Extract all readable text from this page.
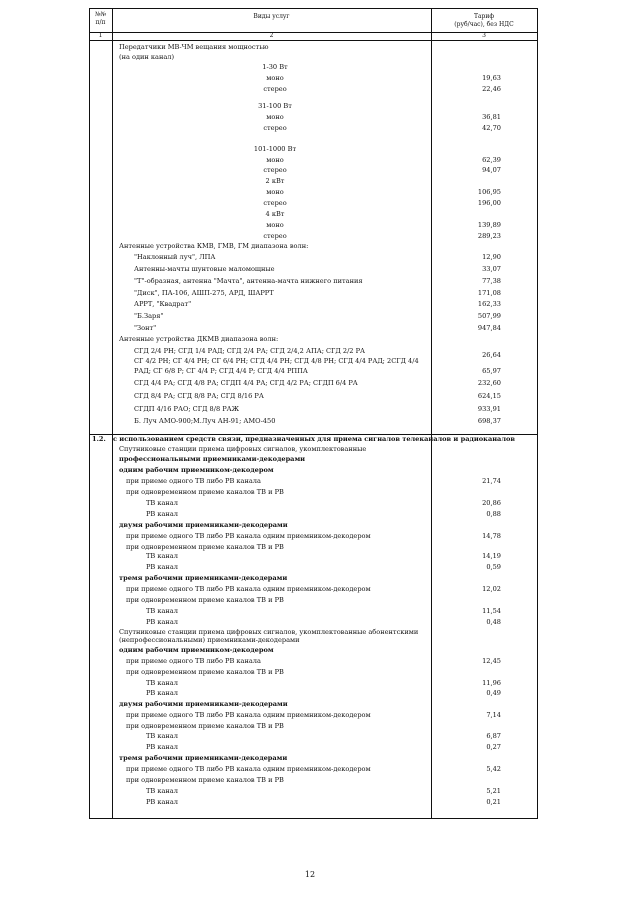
№№
п/п
Виды услуг	Тариф
(руб/час), без НДС
1	2	3
Передатчики МВ-ЧМ вещания мощностью
(на один канал)
1-30 Вт
моно	19,63
стерео	22,46
31-100 Вт
моно	36,81
стерео	42,70
101-1000 Вт
моно	62,39
стерео	94,07
2 кВт
моно	106,95
стерео	196,00
4 кВт
моно	139,89
стерео	289,23
Антенные устройства КМВ, ГМВ, ГМ диапазона волн:
"Наклонный луч", ЛПА	12,90
Антенны-мачты шунтовые маломощные	33,07
"Т"-образная, антенна "Мачта", антенна-мачта нижнего питания	77,38
"Диск", ПА-106, АШП-275, АРД, ШАРРТ	171,08
АРРТ, "Квадрат"	162,33
"Б.Заря"	507,99
"Зонт"	947,84
Антенные устройства ДКМВ диапазона волн:
СГД 2/4 РН; СГД 1/4 РАД; СГД 2/4 РА; СГД 2/4,2 АПА; СГД 2/2 РА	26,64
СГ 4/2 РН; СГ 4/4 РН; СГ 6/4 РН; СГД 4/4 РН; СГД 4/8 РН; СГД 4/4 РАД; 2СГД 4/4
РАД; СГ 6/8 Р; СГ 4/4 Р; СГД 4/4 Р; СГД 4/4 РППА	65,97
СГД 4/4 РА; СГД 4/8 РА; СГДП 4/4 РА; СГД 4/2 РА; СГДП 6/4 РА	232,60
СГД 8/4 РА; СГД 8/8 РА; СГД 8/16 РА	624,15
СГДП 4/16 РАО; СГД 8/8 РАЖ	933,91
Б. Луч АМО-900;М.Луч АН-91; АМО-450	698,37
1.2. с использованием средств связи, предназначенных для приема сигналов телеканалов и радиоканалов
Спутниковые станции приема цифровых сигналов, укомплектованные
профессиональными приемниками-декодерами
одним рабочим приемником-декодером
при приеме одного ТВ либо РВ канала	21,74
при одновременном приеме каналов ТВ и РВ
ТВ канал	20,86
РВ канал	0,88
двумя рабочими приемниками-декодерами
при приеме одного ТВ либо РВ канала одним приемником-декодером	14,78
при одновременном приеме каналов ТВ и РВ
ТВ канал	14,19
РВ канал	0,59
тремя рабочими приемниками-декодерами
при приеме одного ТВ либо РВ канала одним приемником-декодером	12,02
при одновременном приеме каналов ТВ и РВ
ТВ канал	11,54
РВ канал	0,48
Спутниковые станции приема цифровых сигналов, укомплектованные абонентскими
(непрофессиональными) приемниками-декодерами
одним рабочим приемником-декодером
при приеме одного ТВ либо РВ канала	12,45
при одновременном приеме каналов ТВ и РВ
ТВ канал	11,96
РВ канал	0,49
двумя рабочими приемниками-декодерами
при приеме одного ТВ либо РВ канала одним приемником-декодером	7,14
при одновременном приеме каналов ТВ и РВ
ТВ канал	6,87
РВ канал	0,27
тремя рабочими приемниками-декодерами
при приеме одного ТВ либо РВ канала одним приемником-декодером	5,42
при одновременном приеме каналов ТВ и РВ
ТВ канал	5,21
РВ канал	0,21
12
